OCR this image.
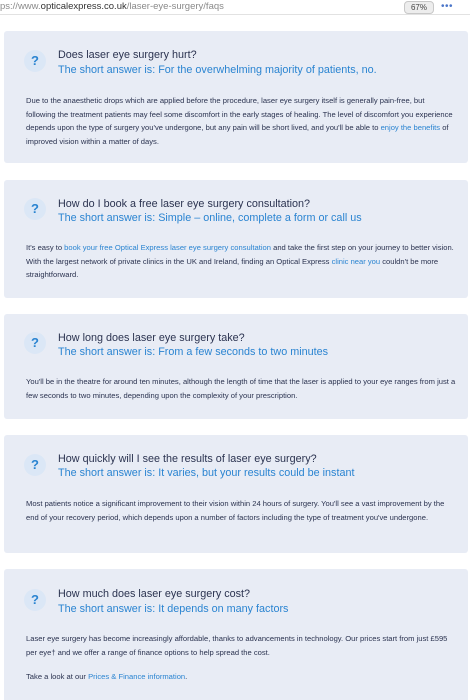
ps://www.opticalexpress.co.uk/laser-eye-surgery/faqs	67%	•••
?	Does laser eye surgery hurt?
The short answer is: For the overwhelming majority of patients, no.
Due to the anaesthetic drops which are applied before the procedure, laser eye surgery itself is generally pain-free, but following the treatment patients may feel some discomfort in the early stages of healing. The level of discomfort you experience depends upon the type of surgery you've undergone, but any pain will be short lived, and you'll be able to enjoy the benefits of improved vision within a matter of days.
?	How do I book a free laser eye surgery consultation?
The short answer is: Simple – online, complete a form or call us
It's easy to book your free Optical Express laser eye surgery consultation and take the first step on your journey to better vision. With the largest network of private clinics in the UK and Ireland, finding an Optical Express clinic near you couldn't be more straightforward.
?	How long does laser eye surgery take?
The short answer is: From a few seconds to two minutes
You'll be in the theatre for around ten minutes, although the length of time that the laser is applied to your eye ranges from just a few seconds to two minutes, depending upon the complexity of your prescription.
?	How quickly will I see the results of laser eye surgery?
The short answer is: It varies, but your results could be instant
Most patients notice a significant improvement to their vision within 24 hours of surgery. You'll see a vast improvement by the end of your recovery period, which depends upon a number of factors including the type of treatment you've undergone.
?	How much does laser eye surgery cost?
The short answer is: It depends on many factors
Laser eye surgery has become increasingly affordable, thanks to advancements in technology. Our prices start from just £595 per eye† and we offer a range of finance options to help spread the cost.
Take a look at our Prices & Finance information.
